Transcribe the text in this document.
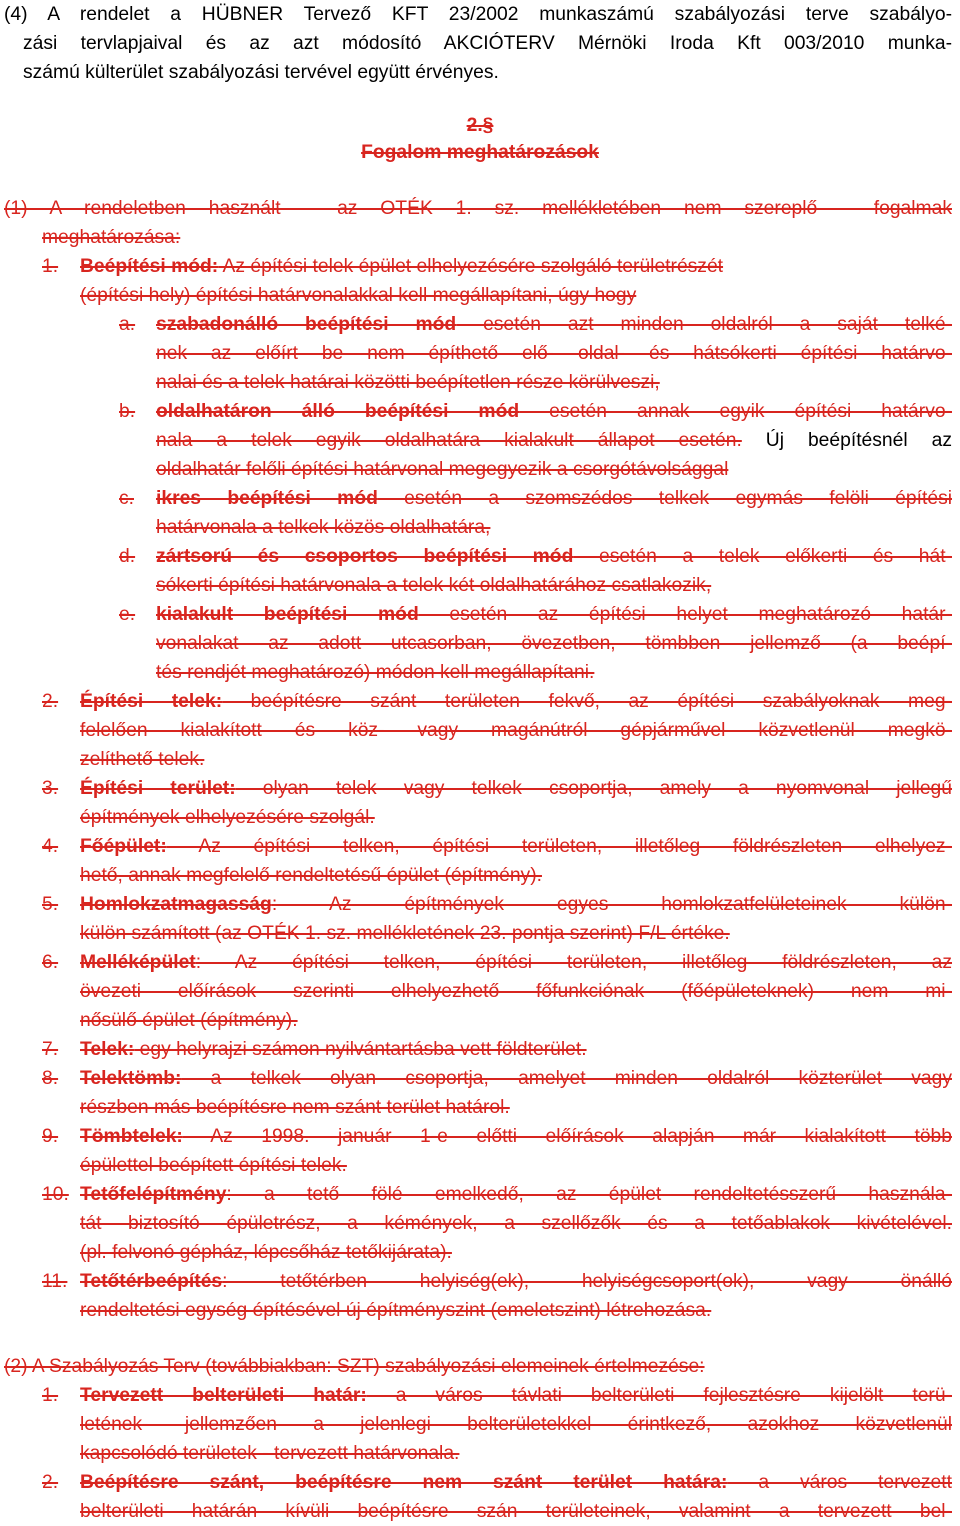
(4) A rendelet a HÜBNER Tervező KFT 23/2002 munkaszámú szabályozási terve szabályo-
zási tervlapjaival és az azt módosító AKCIÓTERV Mérnöki Iroda Kft 003/2010 munka-
számú külterület szabályozási tervével együtt érvényes.
2.§
Fogalom meghatározások
(1) A rendeletben használt – az OTÉK 1. sz. mellékletében nem szereplő – fogalmak
meghatározása:
1. Beépítési mód: Az építési telek épület elhelyezésére szolgáló területrészét
(építési hely) építési határvonalakkal kell megállapítani, úgy hogy
a. szabadonálló beépítési mód esetén azt minden oldalról a saját telké-
nek az előírt be nem építhető elő- oldal- és hátsókerti építési határvo-
nalai és a telek határai közötti beépítetlen része körülveszi,
b. oldalhatáron álló beépítési mód esetén annak egyik építési határvo-
nala a telek egyik oldalhatára kialakult állapot esetén. Új beépítésnél az
oldalhatár felőli építési határvonal megegyezik a csorgótávolsággal
c. ikres beépítési mód esetén a szomszédos telkek egymás felöli építési
határvonala a telkek közös oldalhatára,
d. zártsorú és csoportos beépítési mód esetén a telek előkerti és hát-
sókerti építési határvonala a telek két oldalhatárához csatlakozik,
e. kialakult beépítési mód esetén az építési helyet meghatározó határ-
vonalakat az adott utcasorban, övezetben, tömbben jellemző (a beépí-
tés rendjét meghatározó) módon kell megállapítani.
2. Építési telek: beépítésre szánt területen fekvő, az építési szabályoknak meg-
felelően kialakított és köz- vagy magánútról gépjárművel közvetlenül megkö-
zelíthető telek.
3. Építési terület: olyan telek vagy telkek csoportja, amely a nyomvonal jellegű
építmények elhelyezésére szolgál.
4. Főépület: Az építési telken, építési területen, illetőleg földrészleten elhelyez-
hető, annak megfelelő rendeltetésű épület (építmény).
5. Homlokzatmagasság: Az építmények egyes homlokzatfelületeinek külön-
külön számított (az OTÉK 1. sz. mellékletének 23. pontja szerint) F/L értéke.
6. Melléképület: Az építési telken, építési területen, illetőleg földrészleten, az
övezeti előírások szerinti elhelyezhető főfunkciónak (főépületeknek) nem mi-
nősülő épület (építmény).
7. Telek: egy helyrajzi számon nyilvántartásba vett földterület.
8. Telektömb: a telkek olyan csoportja, amelyet minden oldalról közterület vagy
részben más beépítésre nem szánt terület határol.
9. Tömbtelek: Az 1998. január 1-e előtti előírások alapján már kialakított több
épülettel beépített építési telek.
10. Tetőfelépítmény: a tető fölé emelkedő, az épület rendeltetésszerű használa-
tát biztosító épületrész, a kémények, a szellőzők és a tetőablakok kivételével.
(pl. felvonó gépház, lépcsőház tetőkijárata).
11. Tetőtérbeépítés: tetőtérben helyiség(ek), helyiségcsoport(ok), vagy önálló
rendeltetési egység építésével új építményszint (emeletszint) létrehozása.
(2) A Szabályozás Terv (továbbiakban: SZT) szabályozási elemeinek értelmezése:
1. Tervezett belterületi határ: a város távlati belterületi fejlesztésre kijelölt terü-
letének- jellemzően a jelenlegi belterületekkel érintkező, azokhoz közvetlenül
kapcsolódó területek - tervezett határvonala.
2. Beépítésre szánt, beépítésre nem szánt terület határa: a város tervezett
belterületi határán kívüli beépítésre szán területeinek, valamint a tervezett bel-
